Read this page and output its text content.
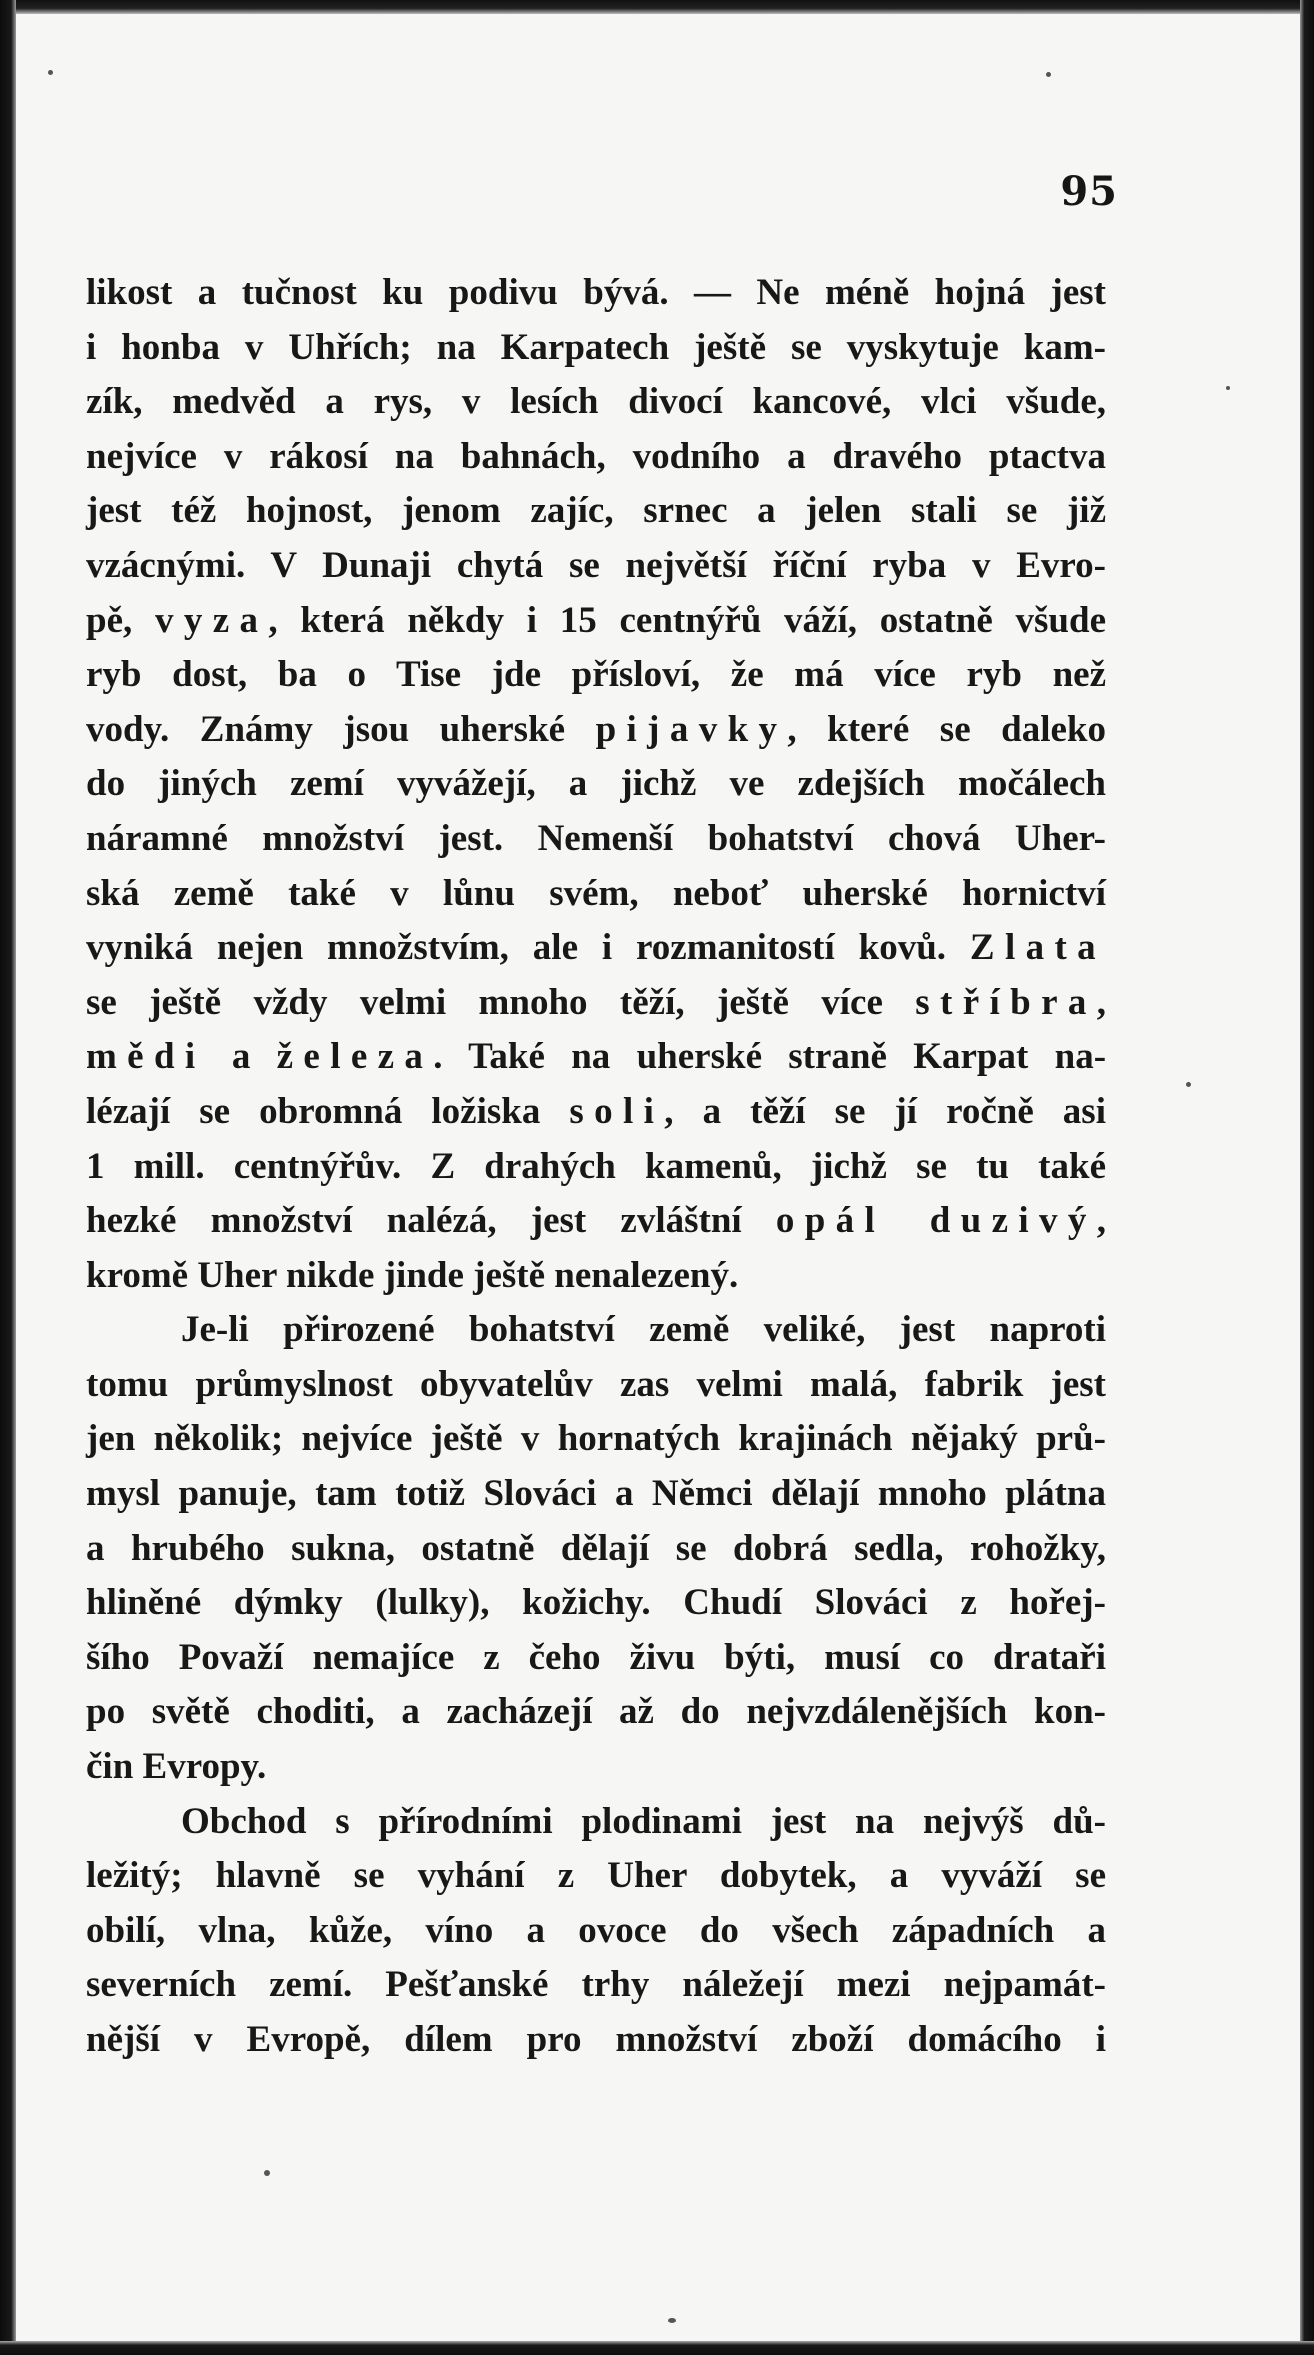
95
likost a tučnost ku podivu bývá. — Ne méně hojná jest
i honba v Uhřích; na Karpatech ještě se vyskytuje kam-
zík, medvěd a rys, v lesích divocí kancové, vlci všude,
nejvíce v rákosí na bahnách, vodního a dravého ptactva
jest též hojnost, jenom zajíc, srnec a jelen stali se již
vzácnými. V Dunaji chytá se největší říční ryba v Evro-
pě, vyza, která někdy i 15 centnýřů váží, ostatně všude
ryb dost, ba o Tise jde přísloví, že má více ryb než
vody. Známy jsou uherské pijavky, které se daleko
do jiných zemí vyvážejí, a jichž ve zdejších močálech
náramné množství jest. Nemenší bohatství chová Uher-
ská země také v lůnu svém, neboť uherské hornictví
vyniká nejen množstvím, ale i rozmanitostí kovů. Zlata
se ještě vždy velmi mnoho těží, ještě více stříbra,
mědi a železa. Také na uherské straně Karpat na-
lézají se obromná ložiska soli, a těží se jí ročně asi
1 mill. centnýřův. Z drahých kamenů, jichž se tu také
hezké množství nalézá, jest zvláštní opál duzivý,
kromě Uher nikde jinde ještě nenalezený.
Je-li přirozené bohatství země veliké, jest naproti
tomu průmyslnost obyvatelův zas velmi malá, fabrik jest
jen několik; nejvíce ještě v hornatých krajinách nějaký prů-
mysl panuje, tam totiž Slováci a Němci dělají mnoho plátna
a hrubého sukna, ostatně dělají se dobrá sedla, rohožky,
hliněné dýmky (lulky), kožichy. Chudí Slováci z hořej-
šího Považí nemajíce z čeho živu býti, musí co drataři
po světě choditi, a zacházejí až do nejvzdálenějších kon-
čin Evropy.
Obchod s přírodními plodinami jest na nejvýš dů-
ležitý; hlavně se vyhání z Uher dobytek, a vyváží se
obilí, vlna, kůže, víno a ovoce do všech západních a
severních zemí. Pešťanské trhy náležejí mezi nejpamát-
nější v Evropě, dílem pro množství zboží domácího i
